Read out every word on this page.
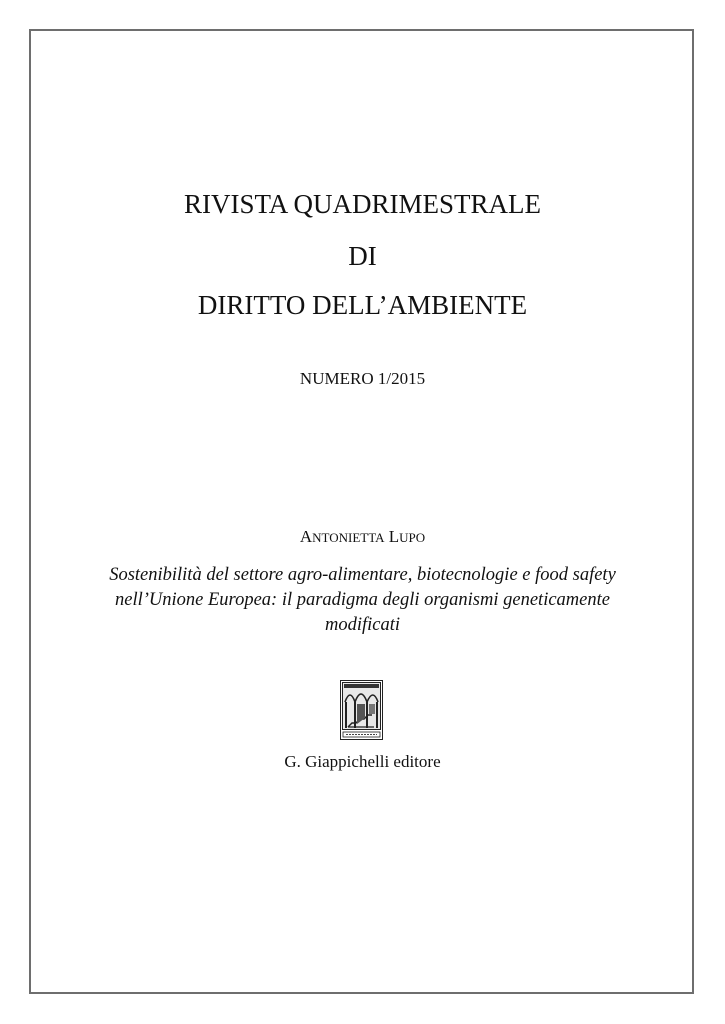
RIVISTA QUADRIMESTRALE
DI
DIRITTO DELL’AMBIENTE
NUMERO 1/2015
ANTONIETTA LUPO
Sostenibilità del settore agro-alimentare, biotecnologie e food safety nell’Unione Europea: il paradigma degli organismi geneticamente modificati
G. Giappichelli editore
